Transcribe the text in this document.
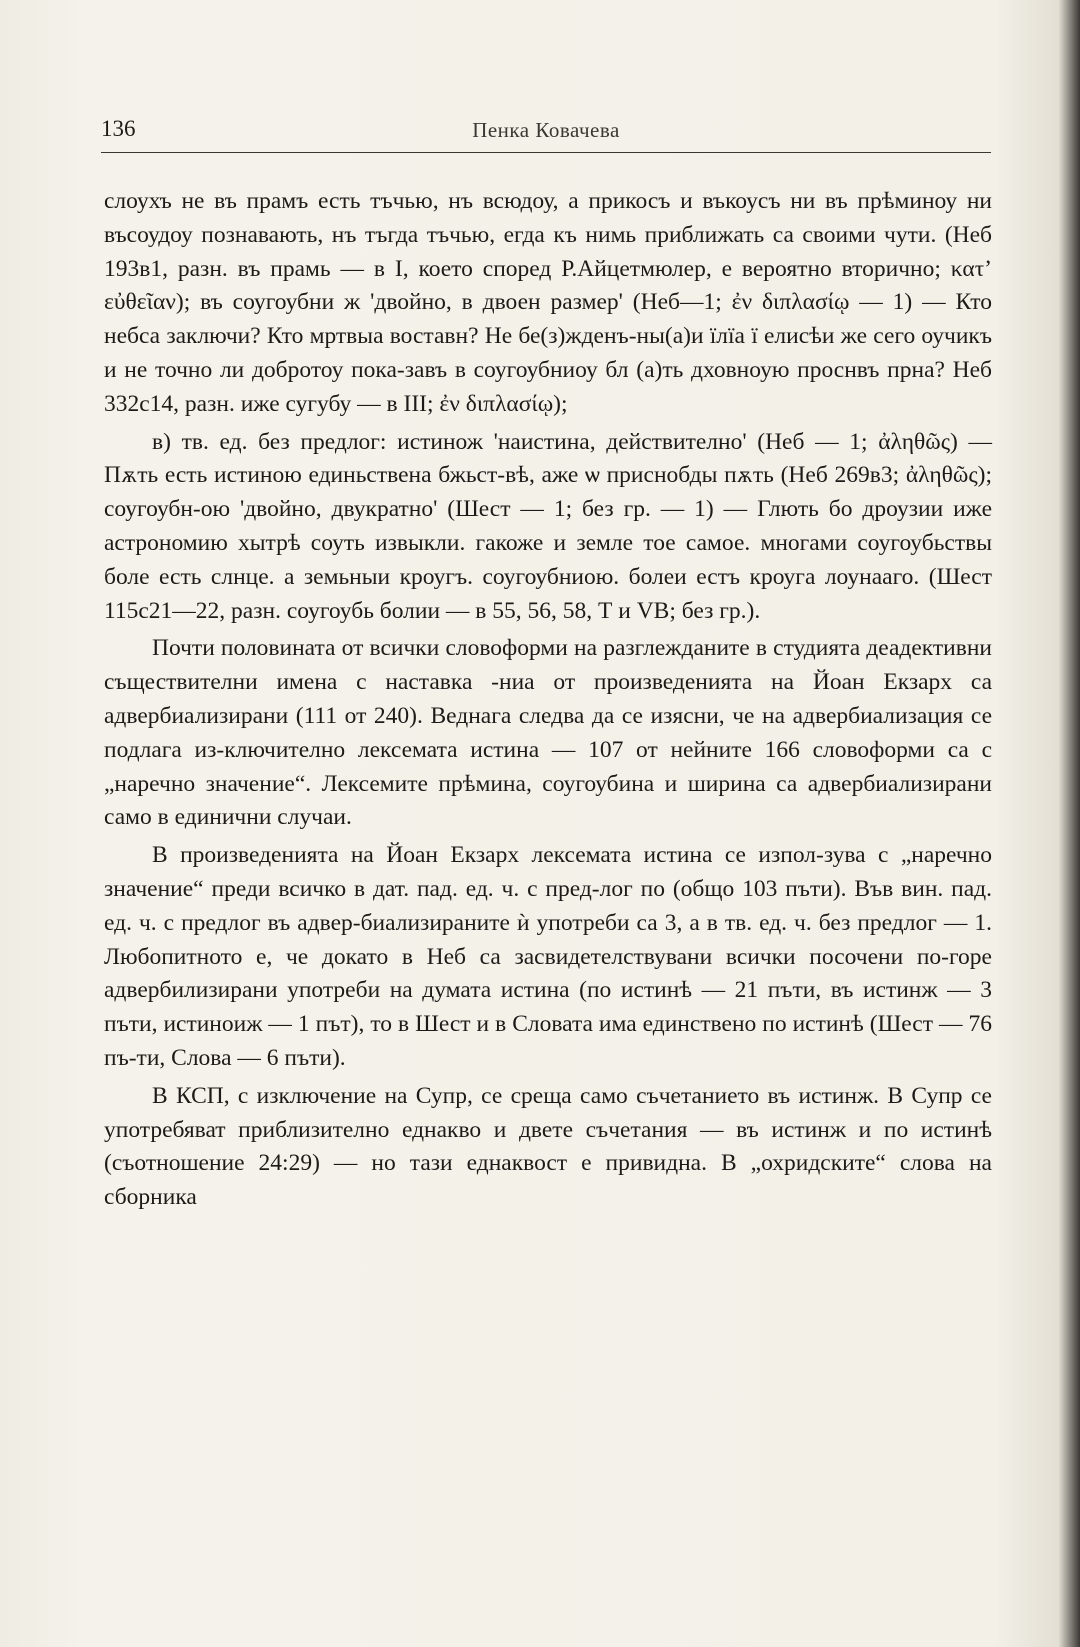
136	Пенка Ковачева

слоухъ не въ прамъ есть тъчью, нъ всюдоу, а прикосъ и въкоусъ ни въ прѣминоу ни въсоудоу познавають, нъ тъгда тъчью, егда къ нимь приближать са своими чути. (Неб 193в1, разн. въ прамь — в I, което според Р.Айцетмюлер, е вероятно вторично; κατ’ εὐθεῖαν); въ соугоубни ж 'двойно, в двоен размер' (Неб—1; ἐν διπλασίῳ — 1) — Кто небса заключи? Кто мртвыа воставн? Не бе(з)жденъ-ны(а)и їлїа ї елисѣи же сего оучикъ и не точно ли добротоу пока-завъ в соугоубниоу бл (а)ть дховноую проснвъ прна? Неб 332с14, разн. иже сугубу — в III; ἐν διπλασίῳ);

в) тв. ед. без предлог: истинож 'наистина, действително' (Неб — 1; ἀληθῶς) — Пѫть есть истиною единьствена бжьст-вѣ, аже ѡ приснобды пѫть (Неб 269в3; ἀληθῶς); соугоубн-ою 'двойно, двукратно' (Шест — 1; без гр. — 1) — Глють бо дроузии иже астрономию хытрѣ соуть извыкли. гакоже и земле тое самое. многами соугоубьствы боле есть слнце. а земьныи кроугъ. соугоубниою. болеи естъ кроуга лоунааго. (Шест 115с21—22, разн. соугоубь болии — в 55, 56, 58, Т и VB; без гр.).

Почти половината от всички словоформи на разглежданите в студията деадективни съществителни имена с наставка -ниа от произведенията на Йоан Екзарх са адвербиализирани (111 от 240). Веднага следва да се изясни, че на адвербиализация се подлага из-ключително лексемата истина — 107 от нейните 166 словоформи са с „наречно значение“. Лексемите прѣмина, соугоубина и ширина са адвербиализирани само в единични случаи.

В произведенията на Йоан Екзарх лексемата истина се изпол-зува с „наречно значение“ преди всичко в дат. пад. ед. ч. с пред-лог по (общо 103 пъти). Във вин. пад. ед. ч. с предлог въ адвер-биализираните ѝ употреби са 3, а в тв. ед. ч. без предлог — 1. Любопитното е, че докато в Неб са засвидетелствувани всички посочени по-горе адвербилизирани употреби на думата истина (по истинѣ — 21 пъти, въ истинж — 3 пъти, истиноиж — 1 път), то в Шест и в Словата има единствено по истинѣ (Шест — 76 пъ-ти, Слова — 6 пъти).

В КСП, с изключение на Супр, се среща само съчетанието въ истинж. В Супр се употребяват приблизително еднакво и двете съчетания — въ истинж и по истинѣ (съотношение 24:29) — но тази еднаквост е привидна. В „охридските“ слова на сборника
